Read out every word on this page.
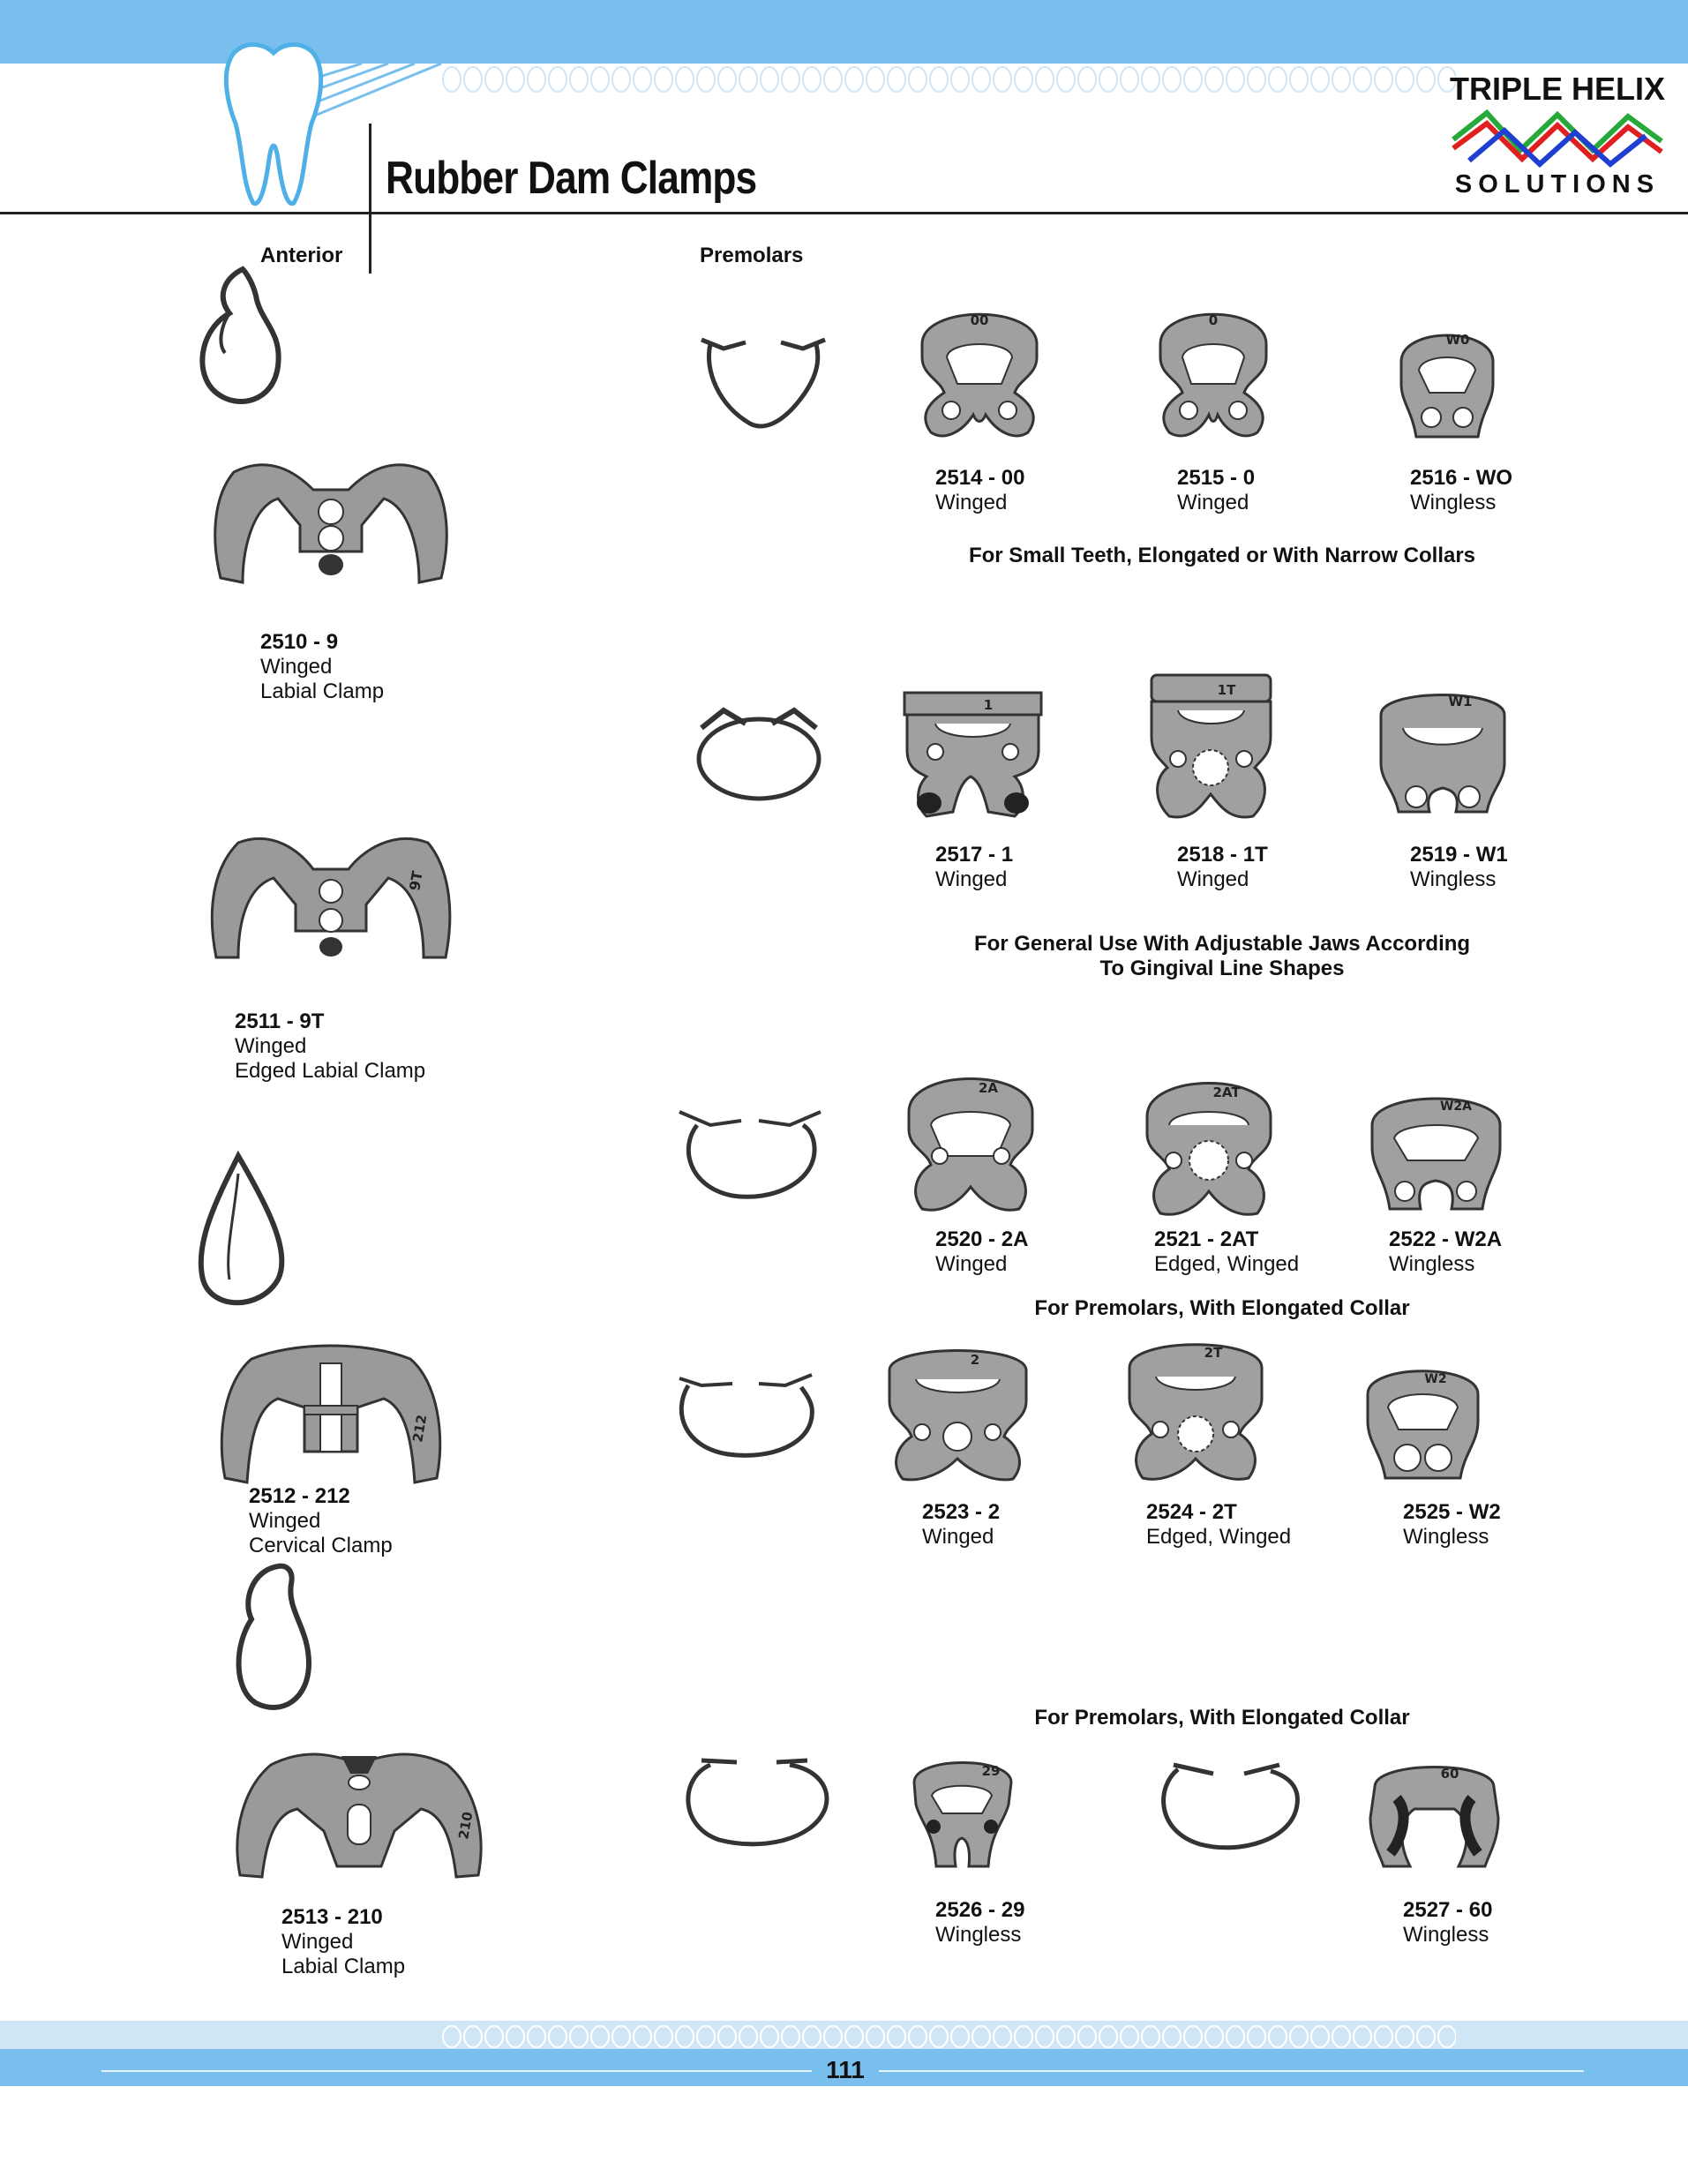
Rubber Dam Clamps
TRIPLE HELIX
SOLUTIONS
Anterior	Premolars
2510 - 9
Winged
Labial Clamp
9T
2511 - 9T
Winged
Edged Labial Clamp
212
2512 - 212
Winged
Cervical Clamp
210
2513 - 210
Winged
Labial Clamp
00	0
W0
2514 - 00
Winged
2515 - 0
Winged
2516 - WO
Wingless
For Small Teeth, Elongated or With Narrow Collars
1
1T
W1
2517 - 1
Winged
2518 - 1T
Winged
2519 - W1
Wingless
For General Use With Adjustable Jaws According
To Gingival Line Shapes
2A	2AT
W2A
2520 - 2A
Winged
2521 - 2AT
Edged, Winged
2522 - W2A
Wingless
For Premolars, With Elongated Collar
2	2T
W2
2523 - 2
Winged
2524 - 2T
Edged, Winged
2525 - W2
Wingless
For Premolars, With Elongated Collar
29	60
2526 - 29
Wingless
2527 - 60
Wingless
111
